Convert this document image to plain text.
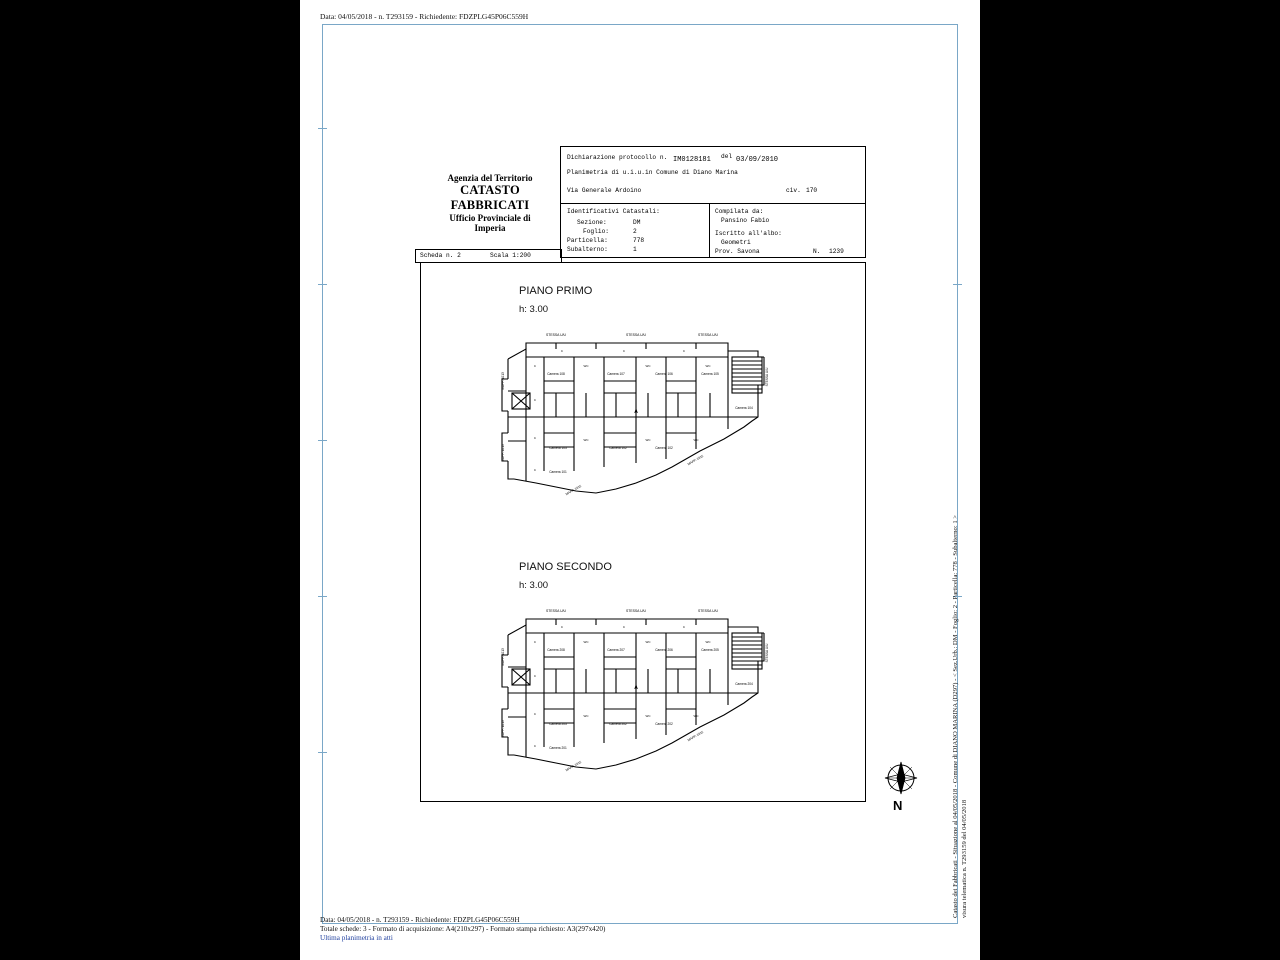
Data: 04/05/2018 - n. T293159 - Richiedente: FDZPLG45P06C559H
Agenzia del Territorio
CATASTO FABBRICATI
Ufficio Provinciale di
Imperia
Dichiarazione protocollo n. IM0128181 del 03/09/2010
Planimetria di u.i.u.in Comune di Diano Marina
Via Generale Ardoino	civ. 170
Identificativi Catastali:
Sezione:	DM
Foglio:	2
Particella:	778
Subalterno:	1
Compilata da:
Pansino Fabio
Iscritto all'albo:
Geometri
Prov. Savona	N. 1239
Scheda n. 2	Scala 1:200
PIANO PRIMO
h: 3.00
PIANO SECONDO
h: 3.00
STESSA U/U	STESSA U/U	STESSA U/U
Camera 108	Camera 107	Camera 106	Camera 105
Camera 104
Camera 103	Camera 102	Camera 102
Camera 101
C
C
C
C
C	C	C
WC	WC	WC
WC	WC	WC
A
MAPP. 1013
MAPP. 1013
STESSA U/U
MAPP. 1015
MAPP. 1015
STESSA U/U	STESSA U/U	STESSA U/U
Camera 208	Camera 207	Camera 206	Camera 205
Camera 204
Camera 203	Camera 202	Camera 202
Camera 201
C
C
C
C
C	C	C
WC	WC	WC
WC	WC	WC
A
MAPP. 1013
MAPP. 1013
STESSA U/U
MAPP. 1015
MAPP. 1015
N	Catasto dei Fabbricati - Situazione al 04/05/2018 - Comune di DIANO MARINA (D297) - < Sez.Urb.: DM - Foglio: 2 - Particella: 778 - Subalterno: 1 > visura telematica n. T293159 del 04/05/2018
Data: 04/05/2018 - n. T293159 - Richiedente: FDZPLG45P06C559H
Totale schede: 3 - Formato di acquisizione: A4(210x297) - Formato stampa richiesto: A3(297x420)
Ultima planimetria in atti
